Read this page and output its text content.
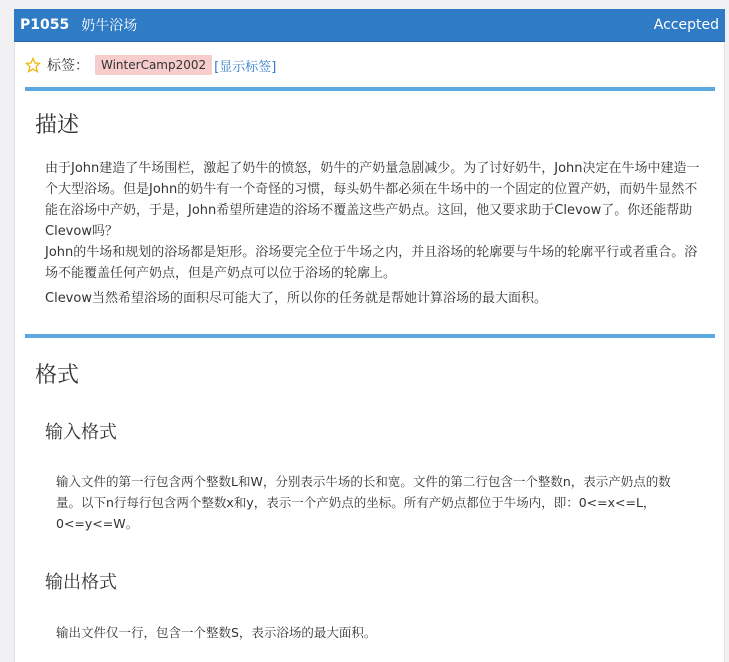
P1055 奶牛浴场	Accepted
标签：	WinterCamp2002 [显示标签]
描述
由于John建造了牛场围栏，激起了奶牛的愤怒，奶牛的产奶量急剧减少。为了讨好奶牛，John决定在牛场中建造一个大型浴场。但是John的奶牛有一个奇怪的习惯，每头奶牛都必须在牛场中的一个固定的位置产奶，而奶牛显然不能在浴场中产奶，于是，John希望所建造的浴场不覆盖这些产奶点。这回，他又要求助于Clevow了。你还能帮助Clevow吗？
John的牛场和规划的浴场都是矩形。浴场要完全位于牛场之内，并且浴场的轮廓要与牛场的轮廓平行或者重合。浴场不能覆盖任何产奶点，但是产奶点可以位于浴场的轮廓上。
Clevow当然希望浴场的面积尽可能大了，所以你的任务就是帮她计算浴场的最大面积。
格式
输入格式
输入文件的第一行包含两个整数L和W，分别表示牛场的长和宽。文件的第二行包含一个整数n，表示产奶点的数量。以下n行每行包含两个整数x和y，表示一个产奶点的坐标。所有产奶点都位于牛场内，即：0<=x<=L，0<=y<=W。
输出格式
输出文件仅一行，包含一个整数S，表示浴场的最大面积。
